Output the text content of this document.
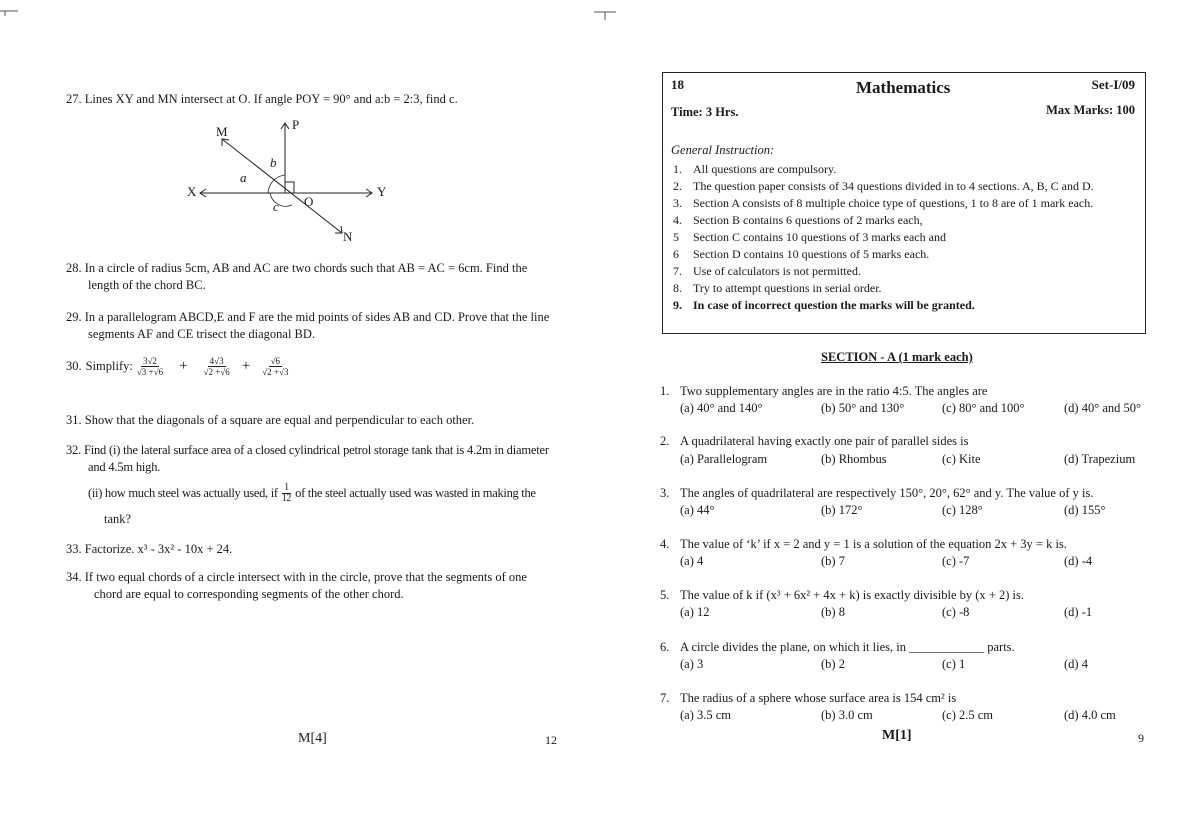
27. Lines XY and MN intersect at O. If angle POY = 90° and a:b = 2:3, find c.
M	P
X	Y
O
N
a
b
c
28. In a circle of radius 5cm, AB and AC are two chords such that AB = AC = 6cm. Find the
length of the chord BC.
29. In a parallelogram ABCD,E and F are the mid points of sides AB and CD. Prove that the line
segments AF and CE trisect the diagonal BD.
30. Simplify: $\frac{3√2}{√3 +√6} + \frac{4√3}{√2 +√6} + \frac{√6}{√2 +√3}$
31. Show that the diagonals of a square are equal and perpendicular to each other.
32. Find (i) the lateral surface area of a closed cylindrical petrol storage tank that is 4.2m in diameter
and 4.5m high.
(ii) how much steel was actually used, if $\frac{1}{12}$ of the steel actually used was wasted in making the
tank?
33. Factorize. x³ - 3x² - 10x + 24.
34. If two equal chords of a circle intersect with in the circle, prove that the segments of one
chord are equal to corresponding segments of the other chord.
M[4]	12
18	Mathematics	Set-I/09
Time: 3 Hrs.	Max Marks: 100
General Instruction:
1. All questions are compulsory.
2. The question paper consists of 34 questions divided in to 4 sections. A, B, C and D.
3. Section A consists of 8 multiple choice type of questions, 1 to 8 are of 1 mark each.
4. Section B contains 6 questions of 2 marks each,
5 Section C contains 10 questions of 3 marks each and
6 Section D contains 10 questions of 5 marks each.
7. Use of calculators is not permitted.
8. Try to attempt questions in serial order.
9. In case of incorrect question the marks will be granted.
SECTION - A (1 mark each)
1. Two supplementary angles are in the ratio 4:5. The angles are
(a) 40° and 140°	(b) 50° and 130°	(c) 80° and 100°	(d) 40° and 50°
2. A quadrilateral having exactly one pair of parallel sides is
(a) Parallelogram	(b) Rhombus	(c) Kite	(d) Trapezium
3. The angles of quadrilateral are respectively 150°, 20°, 62° and y. The value of y is.
(a) 44°	(b) 172°	(c) 128°	(d) 155°
4. The value of ‘k’ if x = 2 and y = 1 is a solution of the equation 2x + 3y = k is.
(a) 4	(b) 7	(c) -7	(d) -4
5. The value of k if (x³ + 6x² + 4x + k) is exactly divisible by (x + 2) is.
(a) 12	(b) 8	(c) -8	(d) -1
6. A circle divides the plane, on which it lies, in ____________ parts.
(a) 3	(b) 2	(c) 1	(d) 4
7. The radius of a sphere whose surface area is 154 cm² is
(a) 3.5 cm	(b) 3.0 cm	(c) 2.5 cm	(d) 4.0 cm
M[1]	9
